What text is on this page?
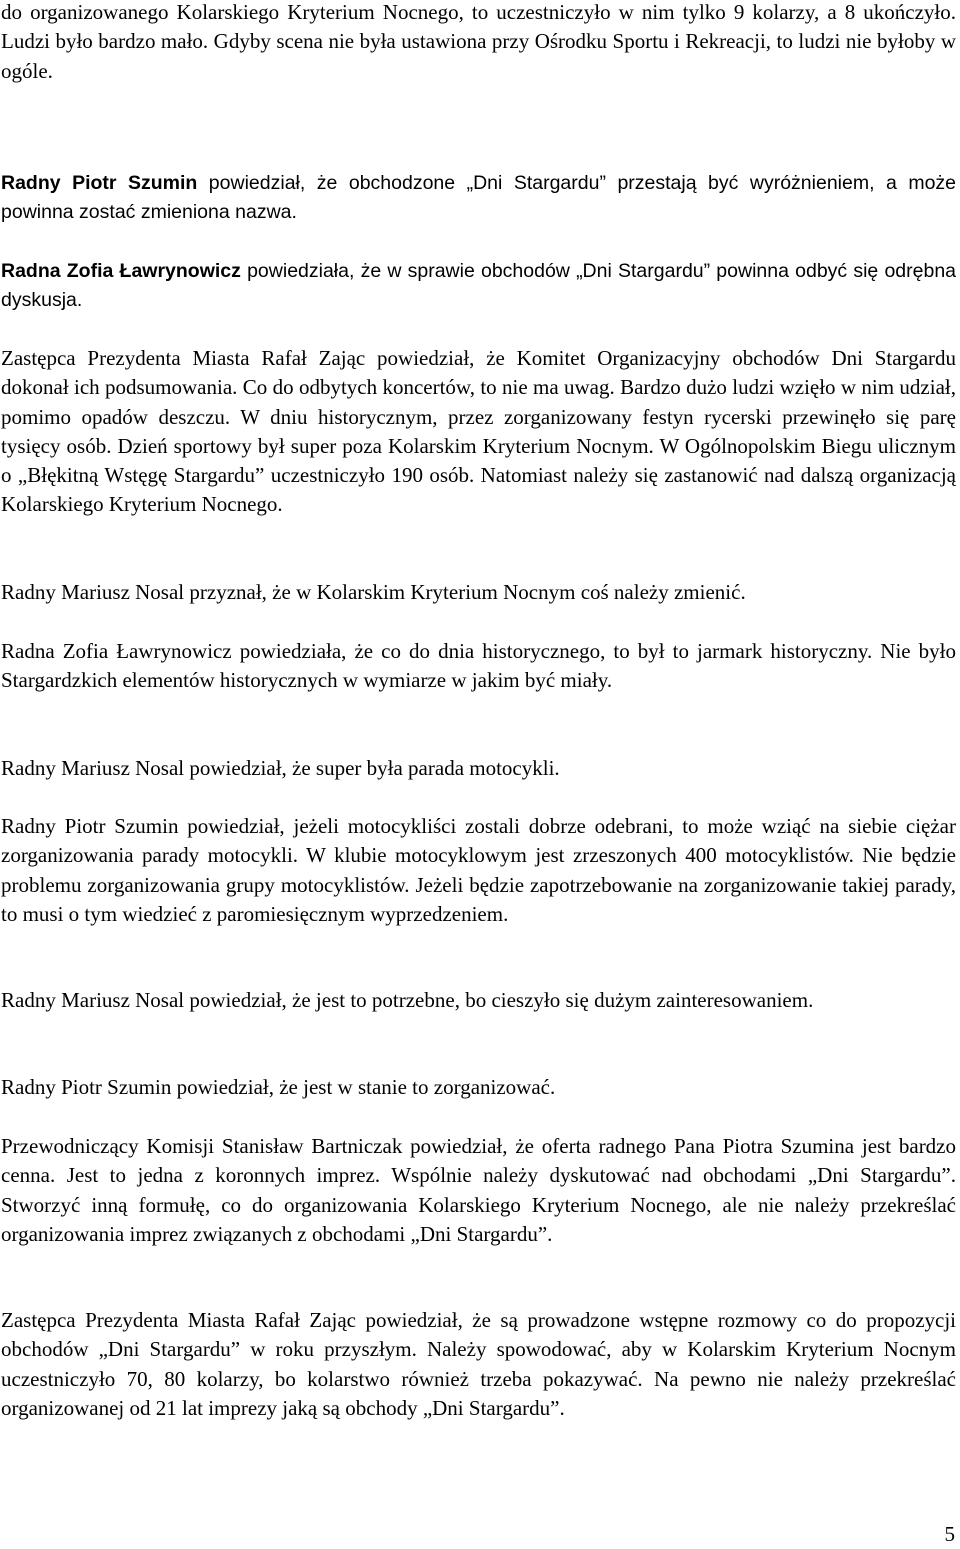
do organizowanego Kolarskiego Kryterium Nocnego, to uczestniczyło w nim tylko 9 kolarzy, a 8 ukończyło. Ludzi było bardzo mało. Gdyby scena nie była ustawiona przy Ośrodku Sportu i Rekreacji, to ludzi nie byłoby w ogóle.

Radny Piotr Szumin powiedział, że obchodzone „Dni Stargardu” przestają być wyróżnieniem, a może powinna zostać zmieniona nazwa.

Radna Zofia Ławrynowicz powiedziała, że w sprawie obchodów „Dni Stargardu” powinna odbyć się odrębna dyskusja.

Zastępca Prezydenta Miasta Rafał Zając powiedział, że Komitet Organizacyjny obchodów Dni Stargardu dokonał ich podsumowania. Co do odbytych koncertów, to nie ma uwag. Bardzo dużo ludzi wzięło w nim udział, pomimo opadów deszczu. W dniu historycznym, przez zorganizowany festyn rycerski przewinęło się parę tysięcy osób. Dzień sportowy był super poza Kolarskim Kryterium Nocnym. W Ogólnopolskim Biegu ulicznym o „Błękitną Wstęgę Stargardu” uczestniczyło 190 osób. Natomiast należy się zastanowić nad dalszą organizacją Kolarskiego Kryterium Nocnego.

Radny Mariusz Nosal przyznał, że w Kolarskim Kryterium Nocnym coś należy zmienić.

Radna Zofia Ławrynowicz powiedziała, że co do dnia historycznego, to był to jarmark historyczny. Nie było Stargardzkich elementów historycznych w wymiarze w jakim być miały.

Radny Mariusz Nosal powiedział, że super była parada motocykli.

Radny Piotr Szumin powiedział, jeżeli motocykliści zostali dobrze odebrani, to może wziąć na siebie ciężar zorganizowania parady motocykli. W klubie motocyklowym jest zrzeszonych 400 motocyklistów. Nie będzie problemu zorganizowania grupy motocyklistów. Jeżeli będzie zapotrzebowanie na zorganizowanie takiej parady, to musi o tym wiedzieć z paromiesięcznym wyprzedzeniem.

Radny Mariusz Nosal powiedział, że jest to potrzebne, bo cieszyło się dużym zainteresowaniem.

Radny Piotr Szumin powiedział, że jest w stanie to zorganizować.

Przewodniczący Komisji Stanisław Bartniczak powiedział, że oferta radnego Pana Piotra Szumina jest bardzo cenna. Jest to jedna z koronnych imprez. Wspólnie należy dyskutować nad obchodami „Dni Stargardu”. Stworzyć inną formułę, co do organizowania Kolarskiego Kryterium Nocnego, ale nie należy przekreślać organizowania imprez związanych z obchodami „Dni Stargardu”.

Zastępca Prezydenta Miasta Rafał Zając powiedział, że są prowadzone wstępne rozmowy co do propozycji obchodów „Dni Stargardu” w roku przyszłym. Należy spowodować, aby w Kolarskim Kryterium Nocnym uczestniczyło 70, 80 kolarzy, bo kolarstwo również trzeba pokazywać. Na pewno nie należy przekreślać organizowanej od 21 lat imprezy jaką są obchody „Dni Stargardu”.

5
